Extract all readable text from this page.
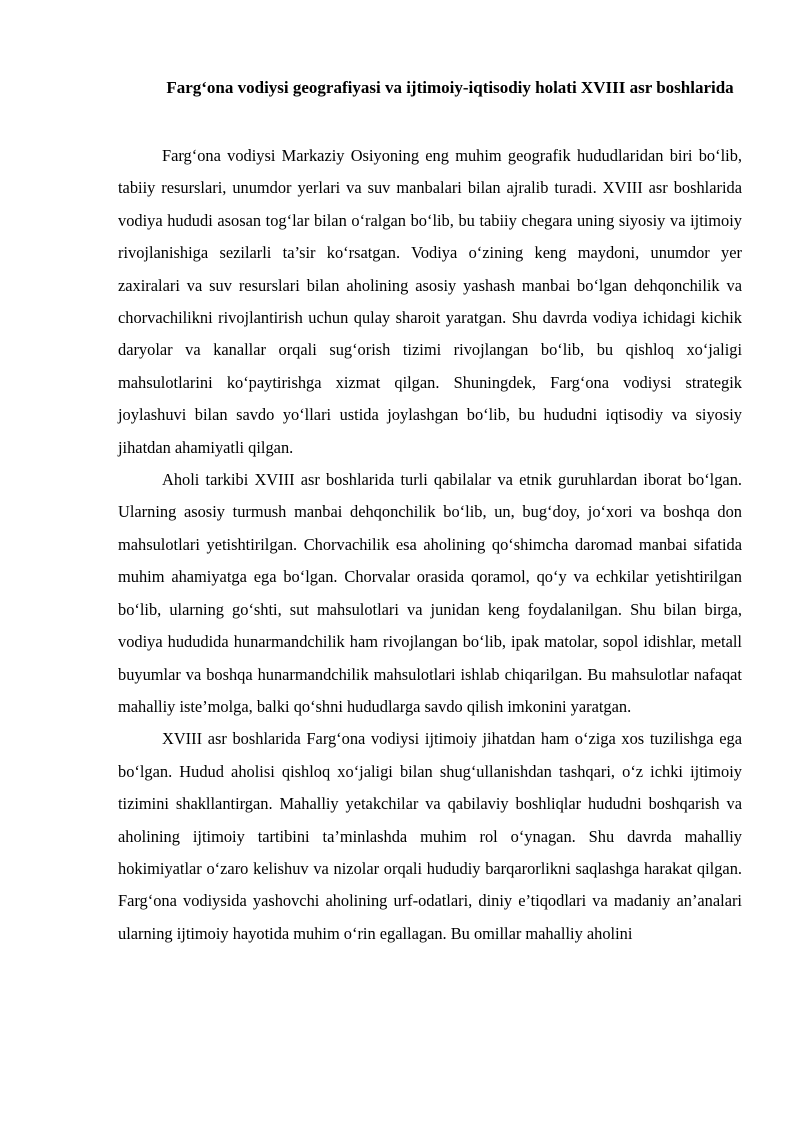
Farg‘ona vodiysi geografiyasi va ijtimoiy-iqtisodiy holati XVIII asr boshlarida

Farg‘ona vodiysi Markaziy Osiyoning eng muhim geografik hududlaridan biri bo‘lib, tabiiy resurslari, unumdor yerlari va suv manbalari bilan ajralib turadi. XVIII asr boshlarida vodiya hududi asosan tog‘lar bilan o‘ralgan bo‘lib, bu tabiiy chegara uning siyosiy va ijtimoiy rivojlanishiga sezilarli ta’sir ko‘rsatgan. Vodiya o‘zining keng maydoni, unumdor yer zaxiralari va suv resurslari bilan aholining asosiy yashash manbai bo‘lgan dehqonchilik va chorvachilikni rivojlantirish uchun qulay sharoit yaratgan. Shu davrda vodiya ichidagi kichik daryolar va kanallar orqali sug‘orish tizimi rivojlangan bo‘lib, bu qishloq xo‘jaligi mahsulotlarini ko‘paytirishga xizmat qilgan. Shuningdek, Farg‘ona vodiysi strategik joylashuvi bilan savdo yo‘llari ustida joylashgan bo‘lib, bu hududni iqtisodiy va siyosiy jihatdan ahamiyatli qilgan.

Aholi tarkibi XVIII asr boshlarida turli qabilalar va etnik guruhlardan iborat bo‘lgan. Ularning asosiy turmush manbai dehqonchilik bo‘lib, un, bug‘doy, jo‘xori va boshqa don mahsulotlari yetishtirilgan. Chorvachilik esa aholining qo‘shimcha daromad manbai sifatida muhim ahamiyatga ega bo‘lgan. Chorvalar orasida qoramol, qo‘y va echkilar yetishtirilgan bo‘lib, ularning go‘shti, sut mahsulotlari va junidan keng foydalanilgan. Shu bilan birga, vodiya hududida hunarmandchilik ham rivojlangan bo‘lib, ipak matolar, sopol idishlar, metall buyumlar va boshqa hunarmandchilik mahsulotlari ishlab chiqarilgan. Bu mahsulotlar nafaqat mahalliy iste’molga, balki qo‘shni hududlarga savdo qilish imkonini yaratgan.

XVIII asr boshlarida Farg‘ona vodiysi ijtimoiy jihatdan ham o‘ziga xos tuzilishga ega bo‘lgan. Hudud aholisi qishloq xo‘jaligi bilan shug‘ullanishdan tashqari, o‘z ichki ijtimoiy tizimini shakllantirgan. Mahalliy yetakchilar va qabilaviy boshliqlar hududni boshqarish va aholining ijtimoiy tartibini ta’minlashda muhim rol o‘ynagan. Shu davrda mahalliy hokimiyatlar o‘zaro kelishuv va nizolar orqali hududiy barqarorlikni saqlashga harakat qilgan. Farg‘ona vodiysida yashovchi aholining urf-odatlari, diniy e’tiqodlari va madaniy an’analari ularning ijtimoiy hayotida muhim o‘rin egallagan. Bu omillar mahalliy aholini
